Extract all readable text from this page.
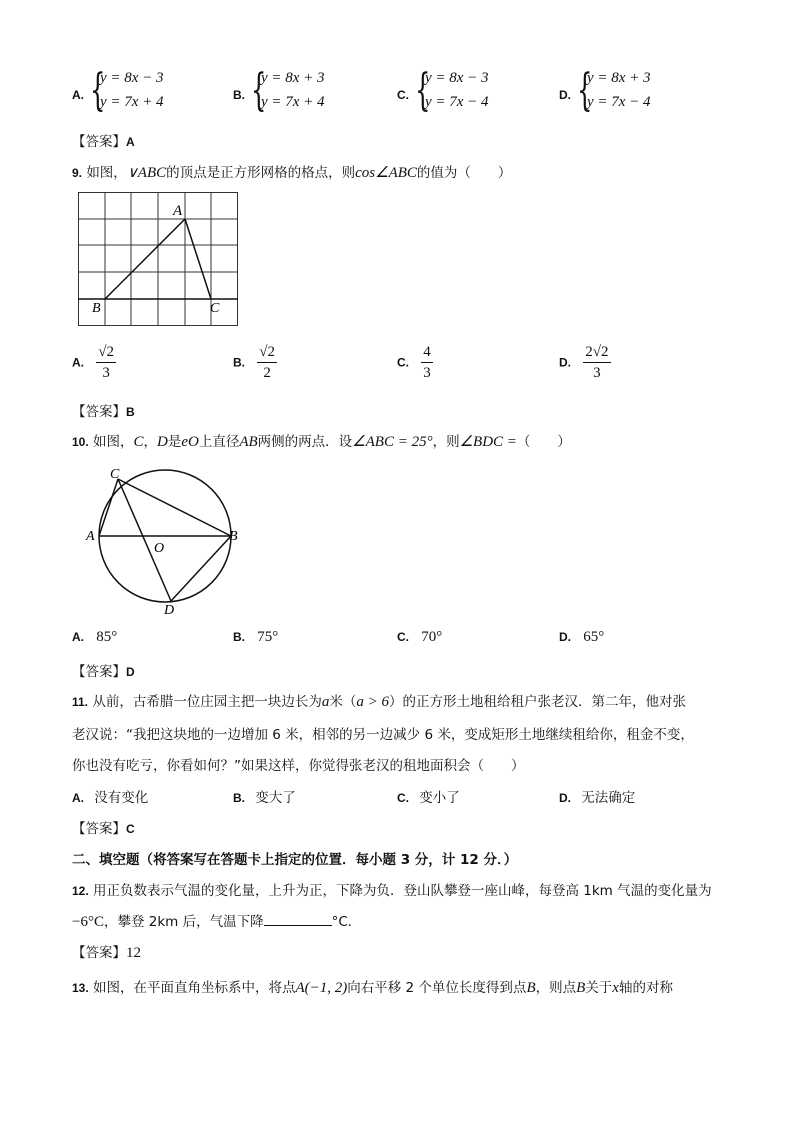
A. {
y = 8x − 3
y = 7x + 4	B. {
y = 8x + 3
y = 7x + 4	C. {
y = 8x − 3
y = 7x − 4	D. {
y = 8x + 3
y = 7x − 4
【答案】A
9. 如图，∨ABC的顶点是正方形网格的格点，则cos∠ABC的值为（　　）
A
B	C
A. $\frac{√2}{3}$	B. $\frac{√2}{2}$	C. $\frac{4}{3}$	D. $\frac{2√2}{3}$
【答案】B
10. 如图，C，D是eO上直径AB两侧的两点．设∠ABC = 25°，则∠BDC =（　　）
C
A
O
B
D
A. 85°	B. 75°	C. 70°	D. 65°
【答案】D
11. 从前，古希腊一位庄园主把一块边长为a米（a > 6）的正方形土地租给租户张老汉．第二年，他对张
老汉说：“我把这块地的一边增加 6 米，相邻的另一边减少 6 米，变成矩形土地继续租给你，租金不变，
你也没有吃亏，你看如何？”如果这样，你觉得张老汉的租地面积会（　　）
A. 没有变化	B. 变大了	C. 变小了	D. 无法确定
【答案】C
二、填空题（将答案写在答题卡上指定的位置．每小题 3 分，计 12 分．）
12. 用正负数表示气温的变化量，上升为正，下降为负．登山队攀登一座山峰，每登高 1km 气温的变化量为
−6°C，攀登 2km 后，气温下降	°C．
【答案】12
13. 如图，在平面直角坐标系中，将点A(−1, 2)向右平移 2 个单位长度得到点B，则点B关于x轴的对称
